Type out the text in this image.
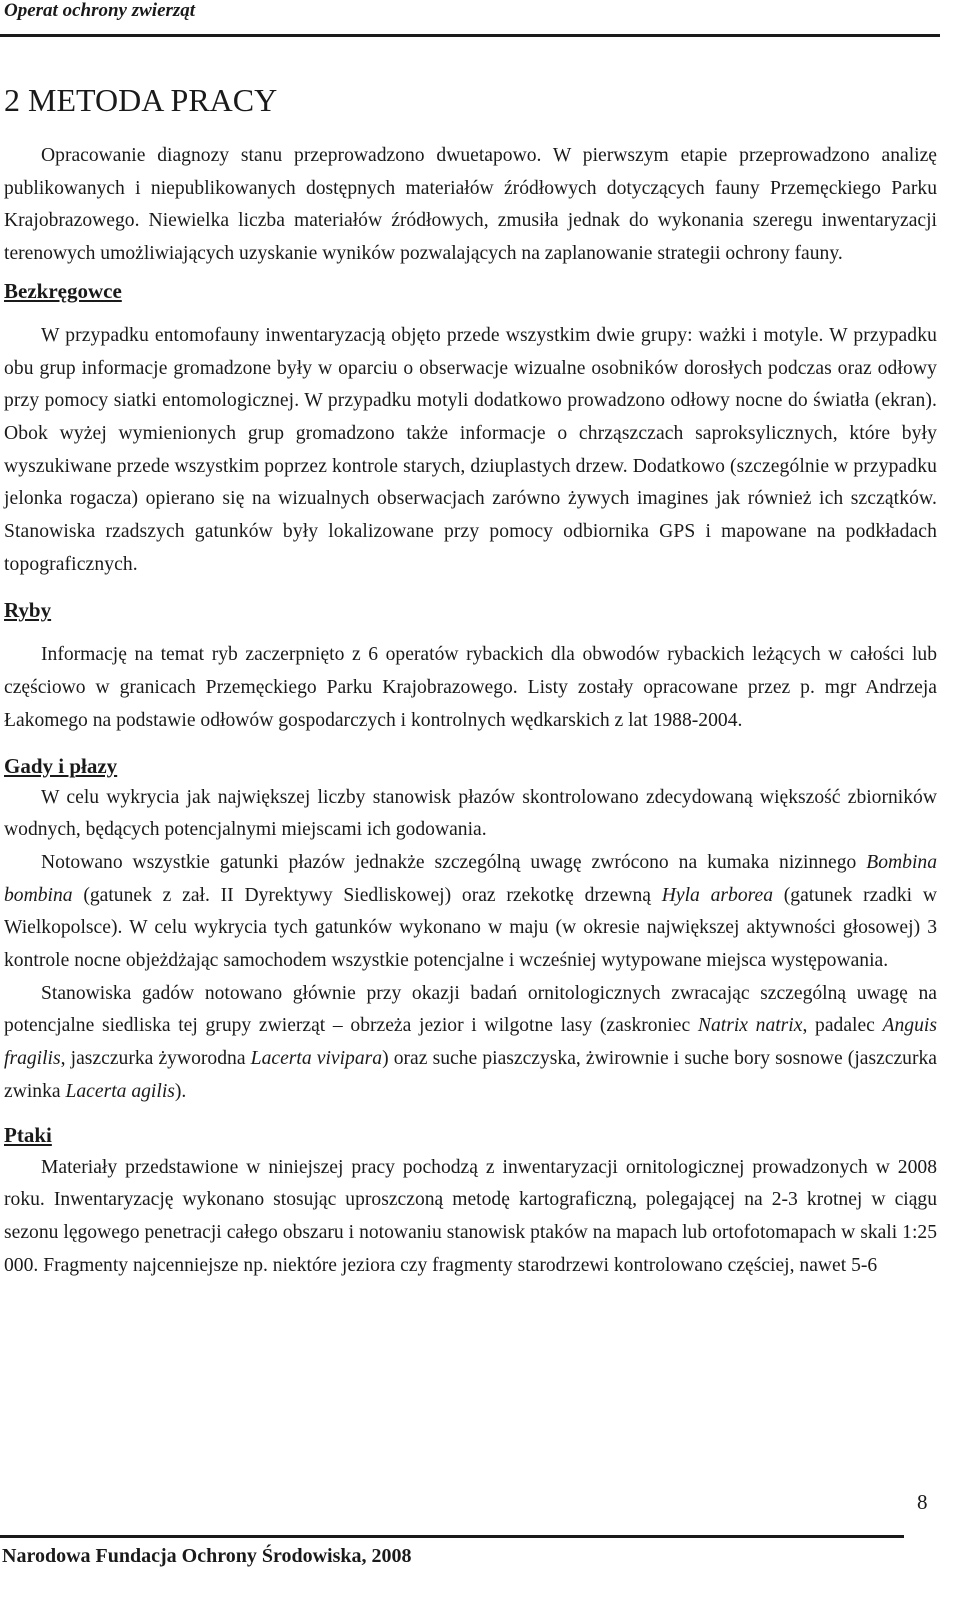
Operat ochrony zwierząt
2 METODA PRACY

Opracowanie diagnozy stanu przeprowadzono dwuetapowo. W pierwszym etapie przeprowadzono analizę publikowanych i niepublikowanych dostępnych materiałów źródłowych dotyczących fauny Przemęckiego Parku Krajobrazowego. Niewielka liczba materiałów źródłowych, zmusiła jednak do wykonania szeregu inwentaryzacji terenowych umożliwiających uzyskanie wyników pozwalających na zaplanowanie strategii ochrony fauny.

Bezkręgowce

W przypadku entomofauny inwentaryzacją objęto przede wszystkim dwie grupy: ważki i motyle. W przypadku obu grup informacje gromadzone były w oparciu o obserwacje wizualne osobników dorosłych podczas oraz odłowy przy pomocy siatki entomologicznej. W przypadku motyli dodatkowo prowadzono odłowy nocne do światła (ekran). Obok wyżej wymienionych grup gromadzono także informacje o chrząszczach saproksylicznych, które były wyszukiwane przede wszystkim poprzez kontrole starych, dziuplastych drzew. Dodatkowo (szczególnie w przypadku jelonka rogacza) opierano się na wizualnych obserwacjach zarówno żywych imagines jak również ich szczątków. Stanowiska rzadszych gatunków były lokalizowane przy pomocy odbiornika GPS i mapowane na podkładach topograficznych.

Ryby

Informację na temat ryb zaczerpnięto z 6 operatów rybackich dla obwodów rybackich leżących w całości lub częściowo w granicach Przemęckiego Parku Krajobrazowego. Listy zostały opracowane przez p. mgr Andrzeja Łakomego na podstawie odłowów gospodarczych i kontrolnych wędkarskich z lat 1988-2004.

Gady i płazy

W celu wykrycia jak największej liczby stanowisk płazów skontrolowano zdecydowaną większość zbiorników wodnych, będących potencjalnymi miejscami ich godowania.

Notowano wszystkie gatunki płazów jednakże szczególną uwagę zwrócono na kumaka nizinnego Bombina bombina (gatunek z zał. II Dyrektywy Siedliskowej) oraz rzekotkę drzewną Hyla arborea (gatunek rzadki w Wielkopolsce). W celu wykrycia tych gatunków wykonano w maju (w okresie największej aktywności głosowej) 3 kontrole nocne objeżdżając samochodem wszystkie potencjalne i wcześniej wytypowane miejsca występowania.

Stanowiska gadów notowano głównie przy okazji badań ornitologicznych zwracając szczególną uwagę na potencjalne siedliska tej grupy zwierząt – obrzeża jezior i wilgotne lasy (zaskroniec Natrix natrix, padalec Anguis fragilis, jaszczurka żyworodna Lacerta vivipara) oraz suche piaszczyska, żwirownie i suche bory sosnowe (jaszczurka zwinka Lacerta agilis).

Ptaki

Materiały przedstawione w niniejszej pracy pochodzą z inwentaryzacji ornitologicznej prowadzonych w 2008 roku. Inwentaryzację wykonano stosując uproszczoną metodę kartograficzną, polegającej na 2-3 krotnej w ciągu sezonu lęgowego penetracji całego obszaru i notowaniu stanowisk ptaków na mapach lub ortofotomapach w skali 1:25 000. Fragmenty najcenniejsze np. niektóre jeziora czy fragmenty starodrzewi kontrolowano częściej, nawet 5-6

8
Narodowa Fundacja Ochrony Środowiska, 2008
